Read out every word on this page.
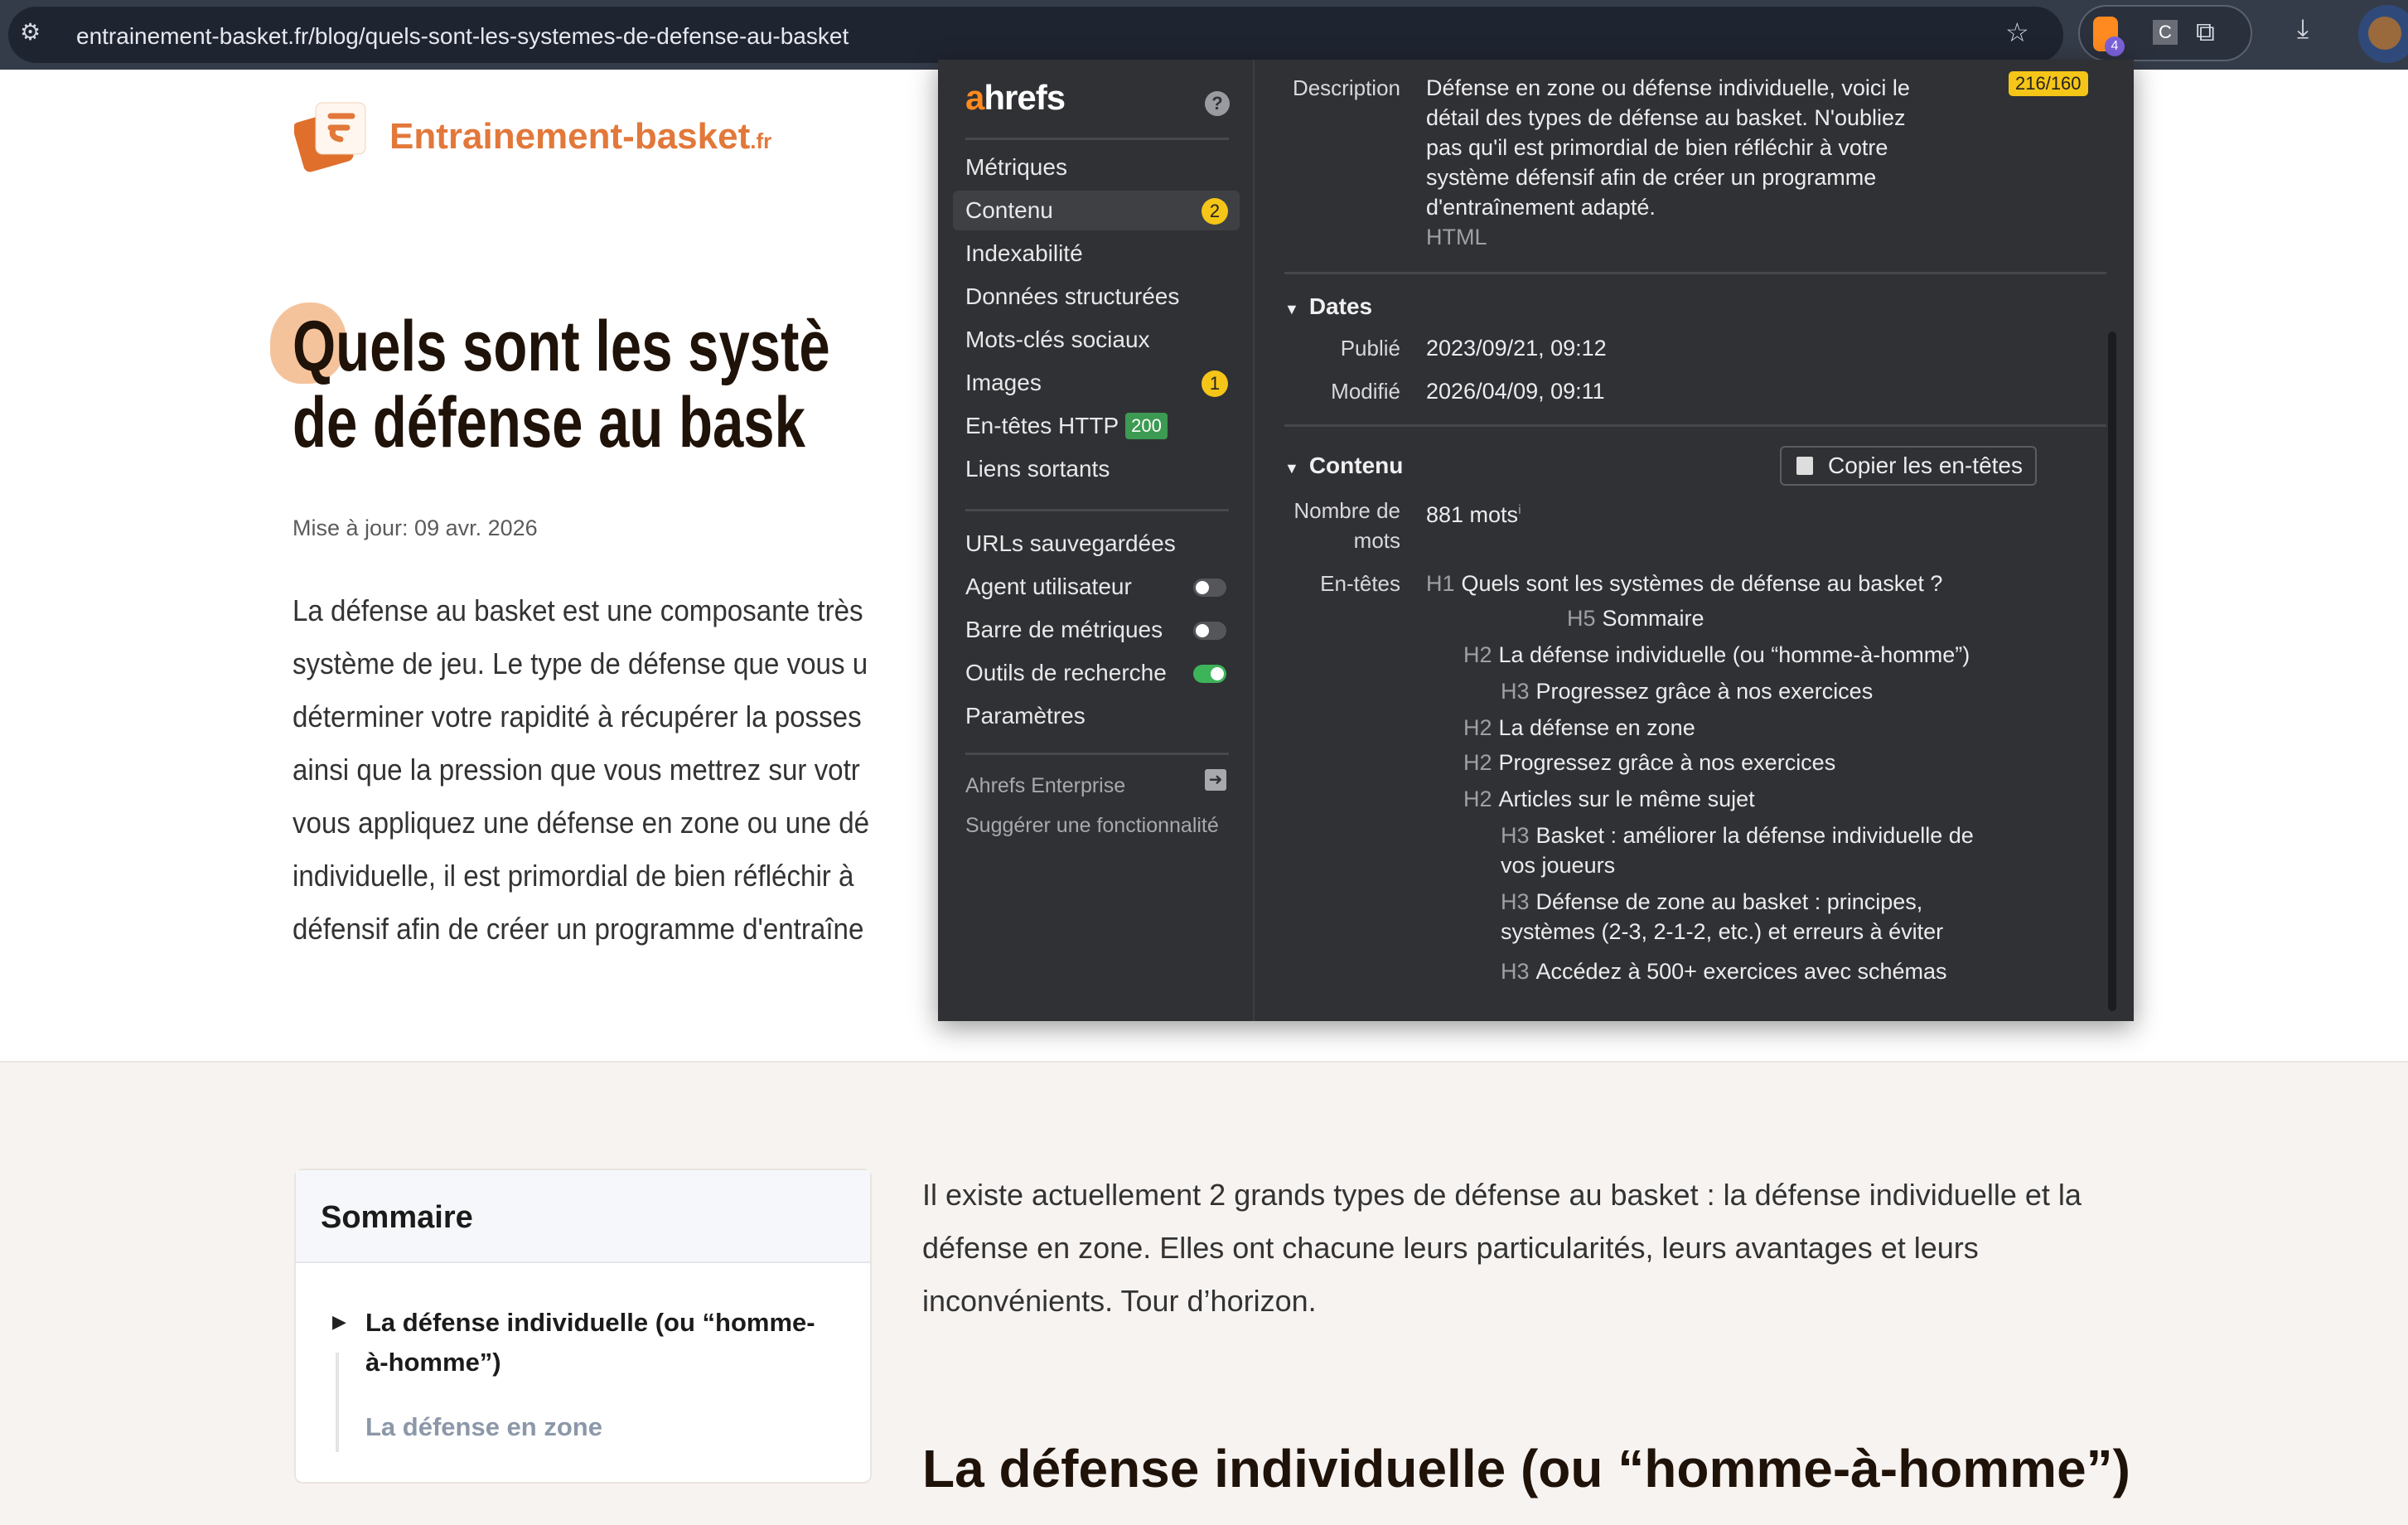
⚙ entrainement-basket.fr/blog/quels-sont-les-systemes-de-defense-au-basket	☆	4
C ⧉	⤓
Entrainement-basket.fr
Quels sont les systè
de défense au bask
Mise à jour: 09 avr. 2026
La défense au basket est une composante très
système de jeu. Le type de défense que vous u
déterminer votre rapidité à récupérer la posses
ainsi que la pression que vous mettrez sur votr
vous appliquez une défense en zone ou une dé
individuelle, il est primordial de bien réfléchir à
défensif afin de créer un programme d'entraîne
Sommaire
▶ La défense individuelle (ou “homme-à-homme”)
La défense en zone
Il existe actuellement 2 grands types de défense au basket : la défense individuelle et la défense en zone. Elles ont chacune leurs particularités, leurs avantages et leurs inconvénients. Tour d’horizon.
La défense individuelle (ou “homme-à-homme”)
ahrefs	?
Métriques
Contenu	2
Indexabilité
Données structurées
Mots-clés sociaux
Images	1
En-têtes HTTP 200
Liens sortants
URLs sauvegardées
Agent utilisateur
Barre de métriques
Outils de recherche
Paramètres
Ahrefs Enterprise	➜
Suggérer une fonctionnalité
Description Défense en zone ou défense individuelle, voici le détail des types de défense au basket. N'oubliez pas qu'il est primordial de bien réfléchir à votre système défensif afin de créer un programme d'entraînement adapté.
216/160
HTML
▼ Dates
Publié 2023/09/21, 09:12
Modifié 2026/04/09, 09:11
▼ Contenu
Nombre de mots
881 mots$^i$
En-têtes
Copier les en-têtes
H1 Quels sont les systèmes de défense au basket ?
H5 Sommaire
H2 La défense individuelle (ou “homme-à-homme”)
H3 Progressez grâce à nos exercices
H2 La défense en zone
H2 Progressez grâce à nos exercices
H2 Articles sur le même sujet
H3 Basket : améliorer la défense individuelle de vos joueurs
H3 Défense de zone au basket : principes, systèmes (2-3, 2-1-2, etc.) et erreurs à éviter
H3 Accédez à 500+ exercices avec schémas
